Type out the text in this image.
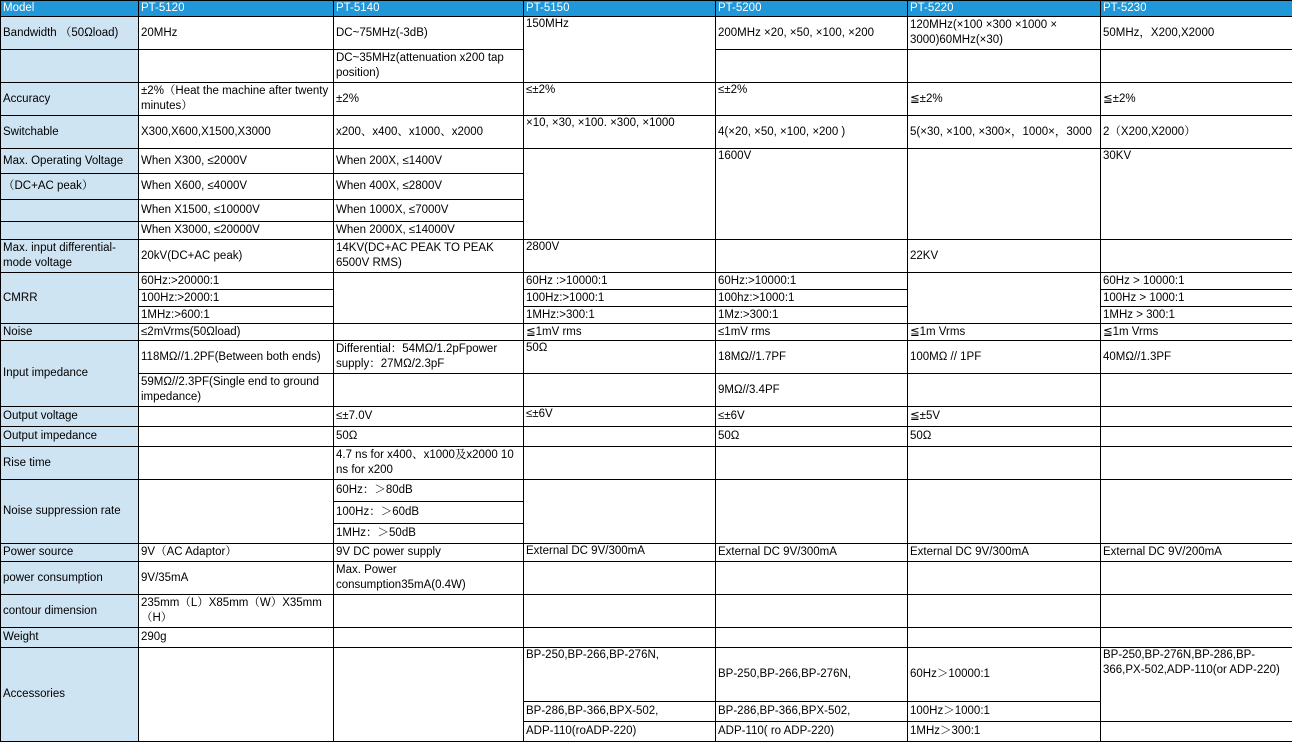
Model	PT-5120	PT-5140	PT-5150	PT-5200	PT-5220	PT-5230
Bandwidth （50Ωload)	20MHz	DC~75MHz(-3dB)	150MHz	200MHz ×20, ×50, ×100, ×200	120MHz(×100 ×300 ×1000 × 3000)60MHz(×30)	50MHz，X200,X2000
		DC~35MHz(attenuation x200 tap position)				
Accuracy	±2%（Heat the machine after twenty minutes）	±2%	≤±2%	≤±2%	≦±2%	≦±2%
Switchable	X300,X600,X1500,X3000	x200、x400、x1000、x2000	×10, ×30, ×100. ×300, ×1000	4(×20, ×50, ×100, ×200 )	5(×30, ×100, ×300×，1000×，3000	2（X200,X2000）
Max. Operating Voltage	When X300, ≤2000V	When 200X, ≤1400V		1600V		30KV
（DC+AC peak）	When X600, ≤4000V	When 400X, ≤2800V				
	When X1500, ≤10000V	When 1000X, ≤7000V				
	When X3000, ≤20000V	When 2000X, ≤14000V				
Max. input differential-mode voltage	20kV(DC+AC peak)	14KV(DC+AC PEAK TO PEAK 6500V RMS)	2800V		22KV	
CMRR	60Hz:>20000:1		60Hz :>10000:1	60Hz:>10000:1		60Hz > 10000:1
	100Hz:>2000:1		100Hz:>1000:1	100hz:>1000:1		100Hz > 1000:1
	1MHz:>600:1		1MHz:>300:1	1Mz:>300:1		1MHz > 300:1
Noise	≤2mVrms(50Ωload)		≦1mV rms	≤1mV rms	≦1m Vrms	≦1m Vrms
Input impedance	118MΩ//1.2PF(Between both ends)	Differential：54MΩ/1.2pFpower supply：27MΩ/2.3pF	50Ω	18MΩ//1.7PF	100MΩ // 1PF	40MΩ//1.3PF
	59MΩ//2.3PF(Single end to ground impedance)			9MΩ//3.4PF		
Output voltage		≤±7.0V	≤±6V	≤±6V	≦±5V	
Output impedance		50Ω		50Ω	50Ω	
Rise time		4.7 ns for x400、x1000及x2000 10 ns for x200				
Noise suppression rate		60Hz：＞80dB				
		100Hz：＞60dB				
		1MHz：＞50dB				
Power source	9V（AC Adaptor）	9V DC power supply	External DC 9V/300mA	External DC 9V/300mA	External DC 9V/300mA	External DC 9V/200mA
power consumption	9V/35mA	Max. Power consumption35mA(0.4W)				
contour dimension	235mm（L）X85mm（W）X35mm（H）					
Weight	290g					
Accessories			BP-250,BP-266,BP-276N,	BP-250,BP-266,BP-276N,	60Hz＞10000:1	BP-250,BP-276N,BP-286,BP-366,PX-502,ADP-110(or ADP-220)
			BP-286,BP-366,BPX-502,	BP-286,BP-366,BPX-502,	100Hz＞1000:1	
			ADP-110(roADP-220)	ADP-110( ro ADP-220)	1MHz＞300:1	
